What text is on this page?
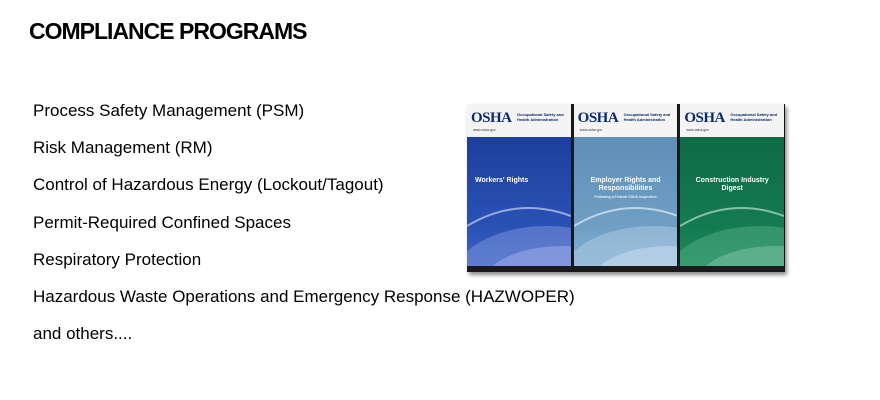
COMPLIANCE PROGRAMS
Process Safety Management (PSM)
Risk Management (RM)
Control of Hazardous Energy (Lockout/Tagout)
Permit-Required Confined Spaces
Respiratory Protection
Hazardous Waste Operations and Emergency Response (HAZWOPER)
and others....
OSHA Occupational Safety and Health Administration
www.osha.gov
Workers' Rights
OSHA Occupational Safety and Health Administration
www.osha.gov
Employer Rights and Responsibilities
Following a Federal OSHA Inspection
OSHA Occupational Safety and Health Administration
www.osha.gov
Construction Industry Digest
